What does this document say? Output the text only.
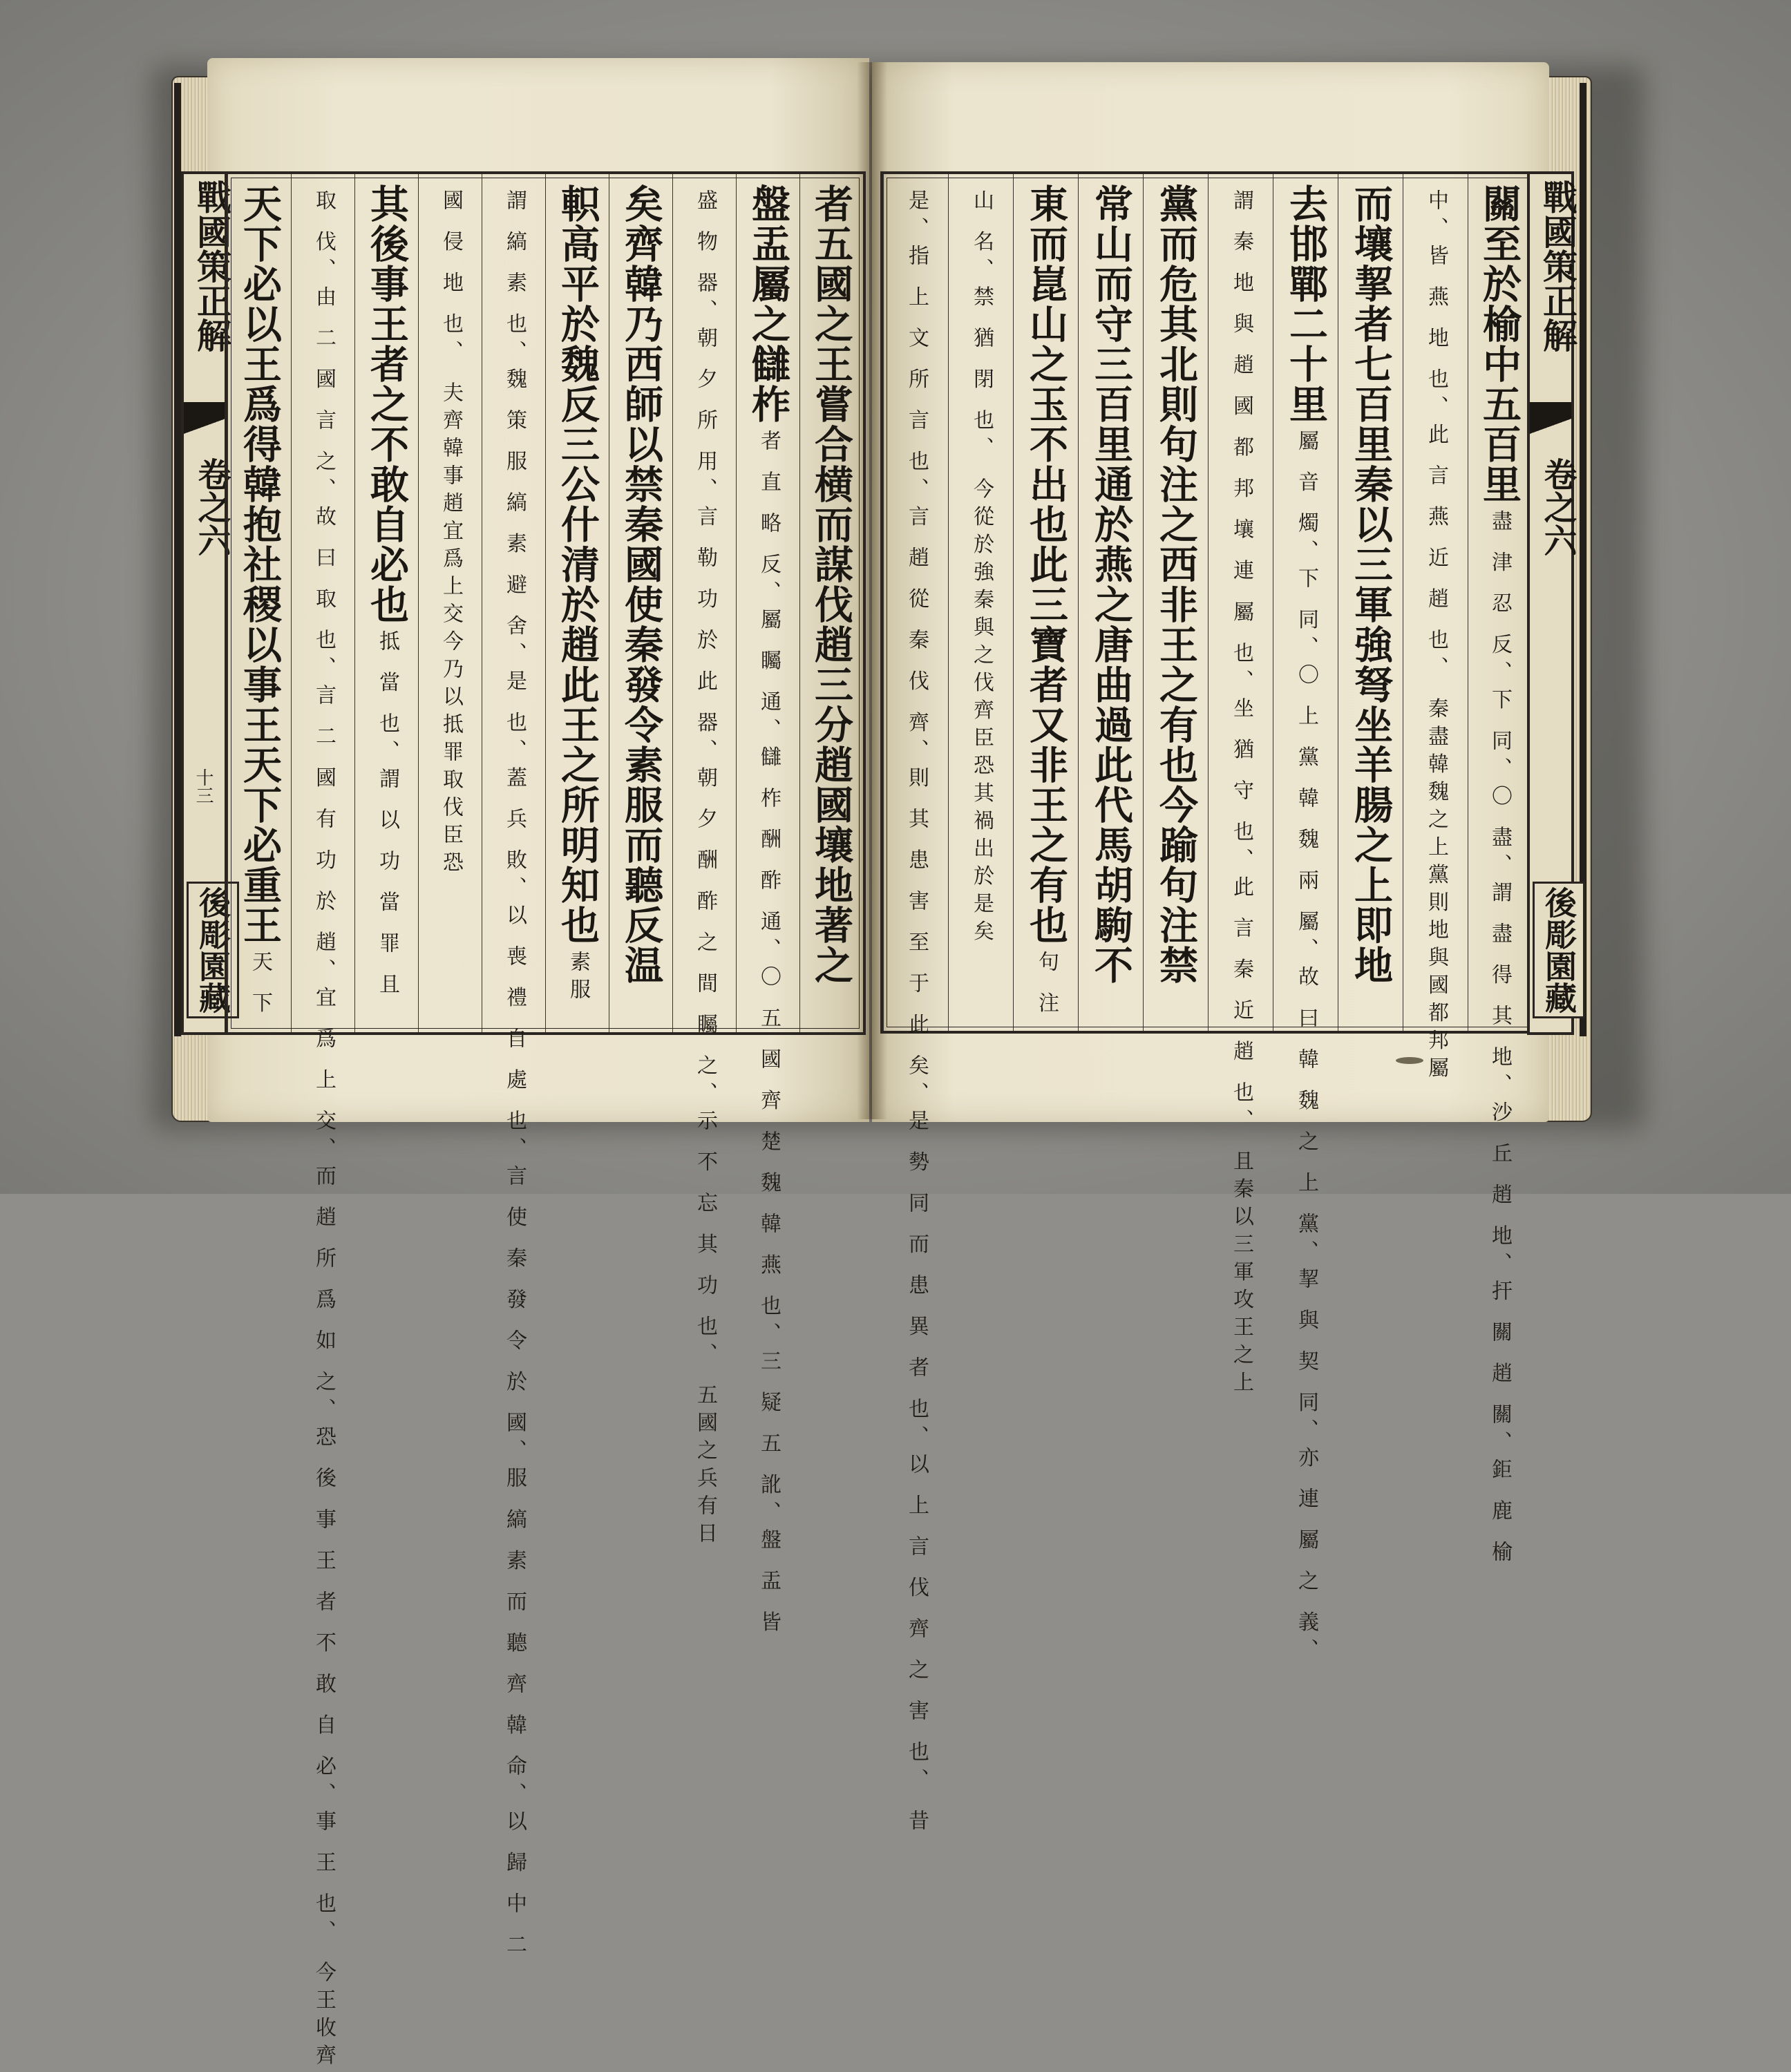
戰國策正解
卷之六
十三
後彫園藏	者五國之王嘗合横而謀伐趙三分趙國壤地著之
盤盂屬之讎柞
者 直 略 反、屬 矚 通、讎 柞 酬 酢 通、〇 五 國 齊 楚 魏 韓 燕 也、三 疑 五 訛、盤 盂 皆
盛 物 器、朝 夕 所 用、言 勒 功 於 此 器、朝 夕 酬 酢 之 間 矚 之、示 不 忘 其 功 也、 五國之兵有日
矣齊韓乃西師以禁秦國使秦發令素服而聽反温
軹高平於魏反三公什清於趙此王之所明知也
素服
謂 縞 素 也、魏 策 服 縞 素 避 舍、是 也、蓋 兵 敗、以 喪 禮 自 處 也、言 使 秦 發 令 於 國、服 縞 素 而 聽 齊 韓 命、以 歸 中 二
國 侵 地 也、 夫齊韓事趙宜爲上交今乃以抵罪取伐臣恐
其後事王者之不敢自必也
抵 當 也、謂 以 功 當 罪 且
取 伐、由 二 國 言 之、故 曰 取 也、言 二 國 有 功 於 趙、宜 爲 上 交、而 趙 所 爲 如 之、恐 後 事 王 者 不 敢 自 必、事 王 也、 今王收齊
天下必以王爲得韓抱社稷以事王天下必重王
天 下
關至於榆中五百里
盡 津 忍 反、下 同、〇 盡、謂 盡 得 其 地、沙 丘 趙 地、扞 關 趙 關、鉅 鹿 榆
中、皆 燕 地 也、此 言 燕 近 趙 也、 秦盡韓魏之上黨則地與國都邦屬
而壤挈者七百里秦以三軍強弩坐羊腸之上即地
去邯鄲二十里
屬 音 燭、下 同、〇 上 黨 韓 魏 兩 屬、故 曰 韓 魏 之 上 黨、挈 與 契 同、亦 連 屬 之 義、
謂 秦 地 與 趙 國 都 邦 壤 連 屬 也、坐 猶 守 也、此 言 秦 近 趙 也、 且秦以三軍攻王之上
黨而危其北則句注之西非王之有也今踰句注禁
常山而守三百里通於燕之唐曲過此代馬胡駒不
東而崑山之玉不出也此三寶者又非王之有也
句 注
山 名、禁 猶 閉 也、 今從於強秦與之伐齊臣恐其禍出於是矣
是、指 上 文 所 言 也、言 趙 從 秦 伐 齊、則 其 患 害 至 于 此 矣、是 勢 同 而 患 異 者 也、以 上 言 伐 齊 之 害 也、 昔	戰國策正解
卷之六
後彫園藏
